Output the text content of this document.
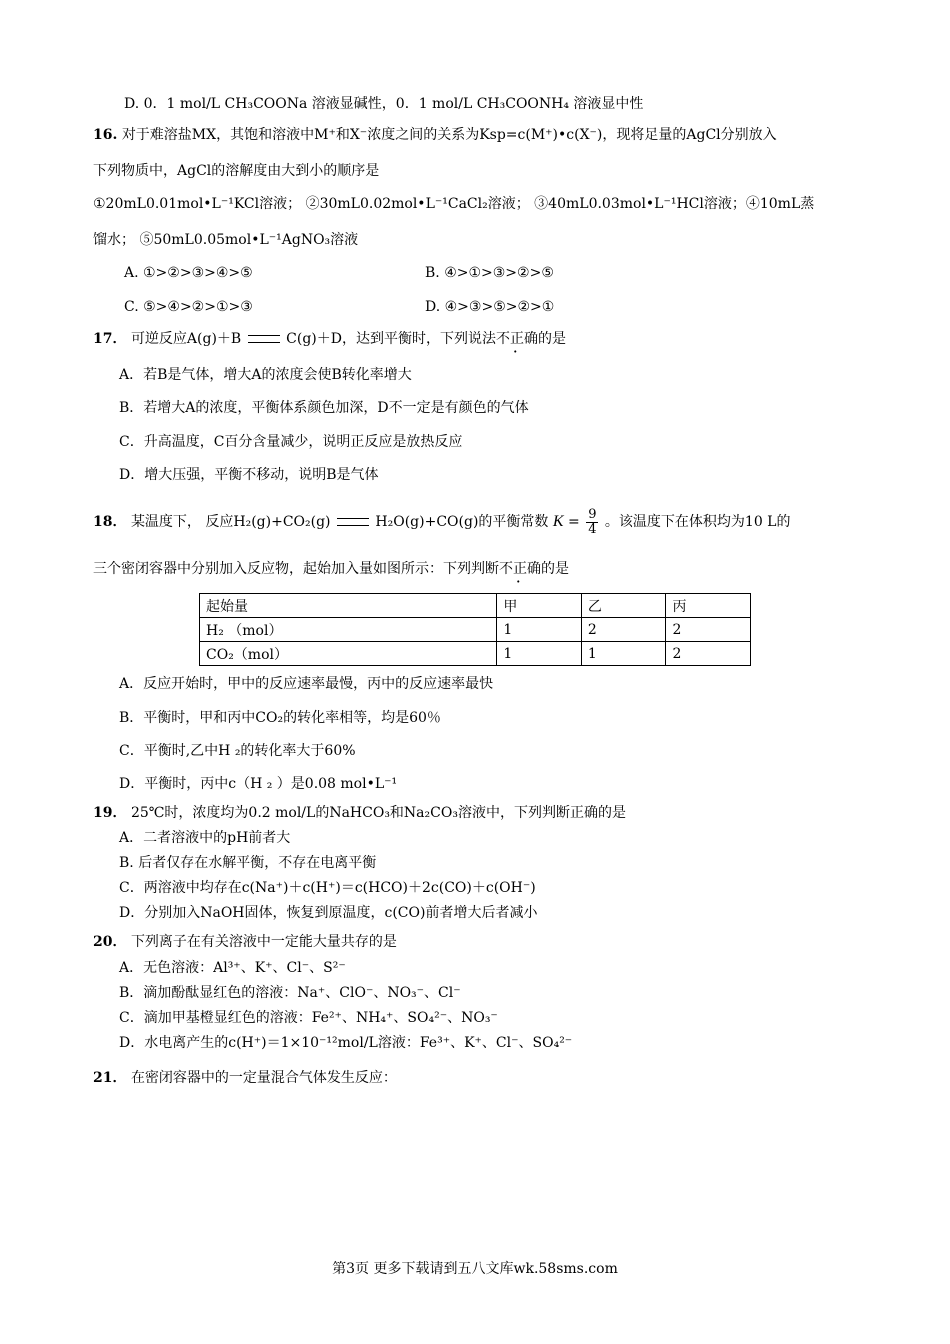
D. 0．1 mol/L CH₃COONa 溶液显碱性，0．1 mol/L CH₃COONH₄ 溶液显中性
16. 对于难溶盐MX，其饱和溶液中M⁺和X⁻浓度之间的关系为Ksp=c(M⁺)•c(X⁻)，现将足量的AgCl分别放入
下列物质中，AgCl的溶解度由大到小的顺序是
①20mL0.01mol•L⁻¹KCl溶液； ②30mL0.02mol•L⁻¹CaCl₂溶液； ③40mL0.03mol•L⁻¹HCl溶液；④10mL蒸
馏水； ⑤50mL0.05mol•L⁻¹AgNO₃溶液
A. ①>②>③>④>⑤	B. ④>①>③>②>⑤
C. ⑤>④>②>①>③	D. ④>③>⑤>②>①
17． 可逆反应A(g)＋B	C(g)＋D，达到平衡时，下列说法不正确的是
A．若B是气体，增大A的浓度会使B转化率增大
B．若增大A的浓度，平衡体系颜色加深，D不一定是有颜色的气体
C．升高温度，C百分含量减少，说明正反应是放热反应
D．增大压强，平衡不移动，说明B是气体
18． 某温度下， 反应H₂(g)+CO₂(g)	H₂O(g)+CO(g)的平衡常数 $K = \frac{9}{4}$ 。该温度下在体积均为10 L的
三个密闭容器中分别加入反应物，起始加入量如图所示：下列判断不正确的是
起始量	甲	乙	丙
H₂ （mol）	1	2	2
CO₂（mol）	1	1	2
A．反应开始时，甲中的反应速率最慢，丙中的反应速率最快
B．平衡时，甲和丙中CO₂的转化率相等，均是60％
C．平衡时,乙中H ₂的转化率大于60%
D．平衡时，丙中c（H ₂ ）是0.08 mol•L⁻¹
19． 25℃时，浓度均为0.2 mol/L的NaHCO₃和Na₂CO₃溶液中，下列判断正确的是
A．二者溶液中的pH前者大
B. 后者仅存在水解平衡，不存在电离平衡
C．两溶液中均存在c(Na⁺)＋c(H⁺)＝c(HCO)＋2c(CO)＋c(OH⁻)
D．分别加入NaOH固体，恢复到原温度，c(CO)前者增大后者减小
20． 下列离子在有关溶液中一定能大量共存的是
A．无色溶液：Al³⁺、K⁺、Cl⁻、S²⁻
B．滴加酚酞显红色的溶液：Na⁺、ClO⁻、NO₃⁻、Cl⁻
C．滴加甲基橙显红色的溶液：Fe²⁺、NH₄⁺、SO₄²⁻、NO₃⁻
D．水电离产生的c(H⁺)＝1×10⁻¹²mol/L溶液：Fe³⁺、K⁺、Cl⁻、SO₄²⁻
21． 在密闭容器中的一定量混合气体发生反应：
第3页 更多下载请到五八文库wk.58sms.com
